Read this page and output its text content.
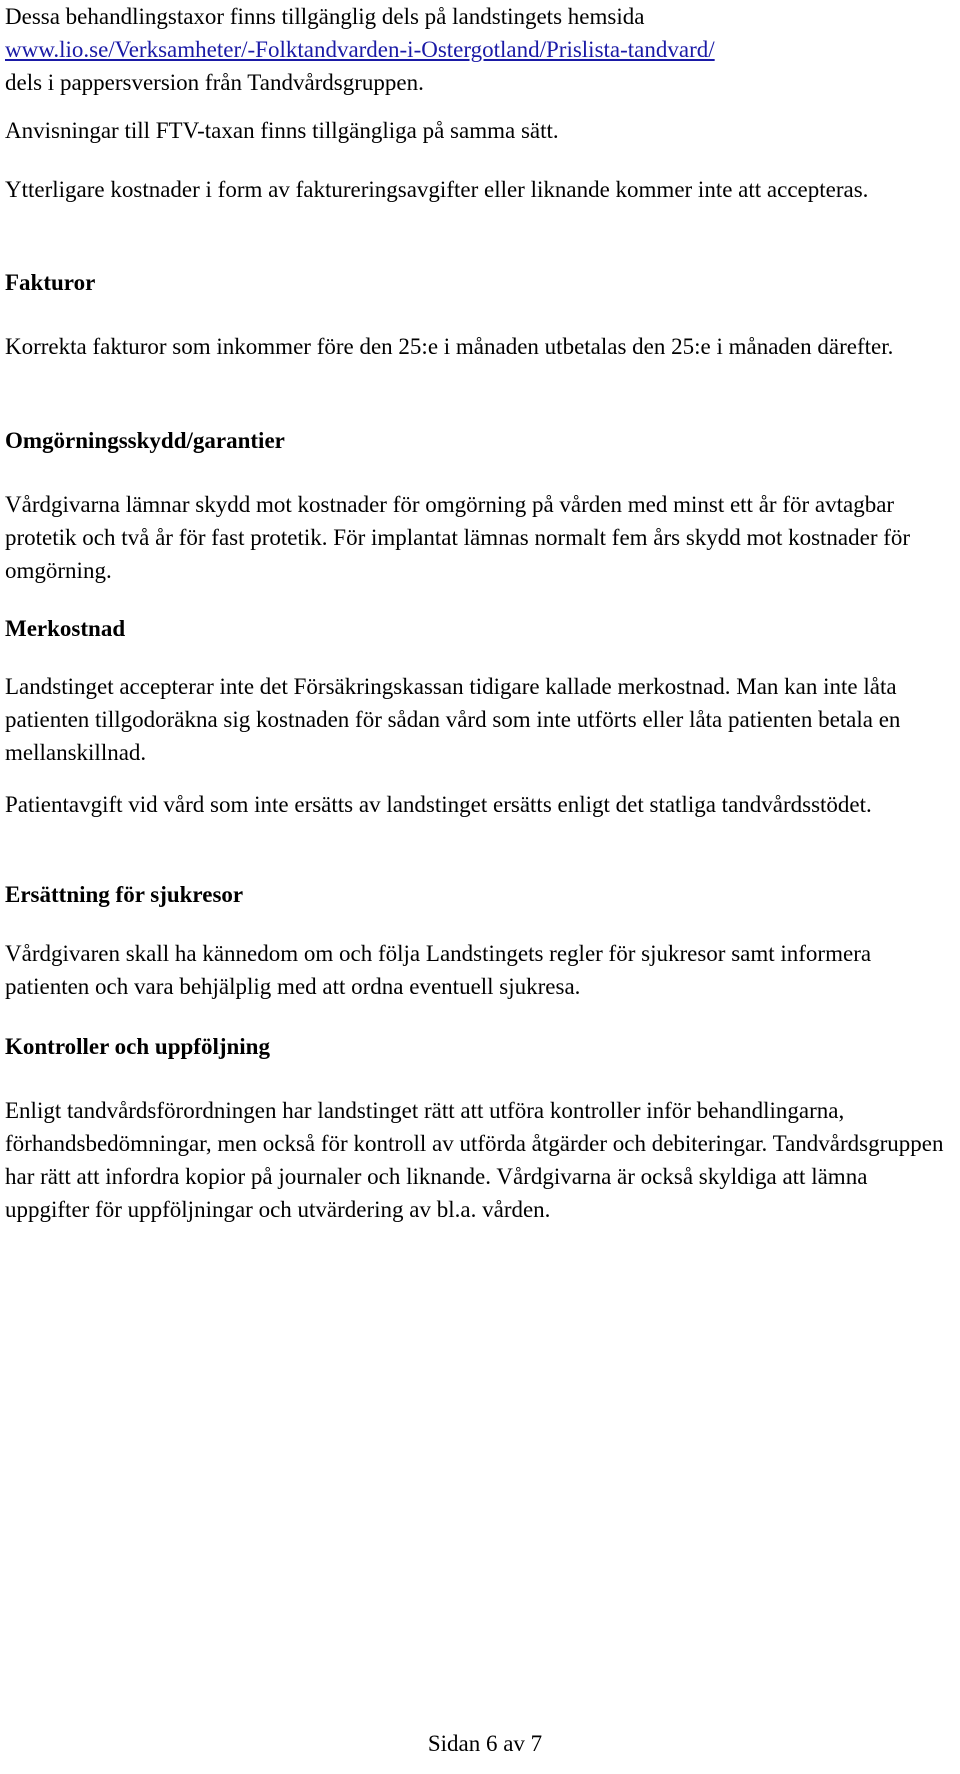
Dessa behandlingstaxor finns tillgänglig dels på landstingets hemsida

www.lio.se/Verksamheter/-Folktandvarden-i-Ostergotland/Prislista-tandvard/

dels i pappersversion från Tandvårdsgruppen.

Anvisningar till FTV-taxan finns tillgängliga på samma sätt.

Ytterligare kostnader i form av faktureringsavgifter eller liknande kommer inte att accepteras.

Fakturor

Korrekta fakturor som inkommer före den 25:e i månaden utbetalas den 25:e i månaden därefter.

Omgörningsskydd/garantier

Vårdgivarna lämnar skydd mot kostnader för omgörning på vården med minst ett år för avtagbar protetik och två år för fast protetik. För implantat lämnas normalt fem års skydd mot kostnader för omgörning.

Merkostnad

Landstinget accepterar inte det Försäkringskassan tidigare kallade merkostnad. Man kan inte låta patienten tillgodoräkna sig kostnaden för sådan vård som inte utförts eller låta patienten betala en mellanskillnad.

Patientavgift vid vård som inte ersätts av landstinget ersätts enligt det statliga tandvårdsstödet.

Ersättning för sjukresor

Vårdgivaren skall ha kännedom om och följa Landstingets regler för sjukresor samt informera patienten och vara behjälplig med att ordna eventuell sjukresa.

Kontroller och uppföljning

Enligt tandvårdsförordningen har landstinget rätt att utföra kontroller inför behandlingarna, förhandsbedömningar, men också för kontroll av utförda åtgärder och debiteringar. Tandvårdsgruppen har rätt att infordra kopior på journaler och liknande. Vårdgivarna är också skyldiga att lämna uppgifter för uppföljningar och utvärdering av bl.a. vården.

Sidan 6 av 7
